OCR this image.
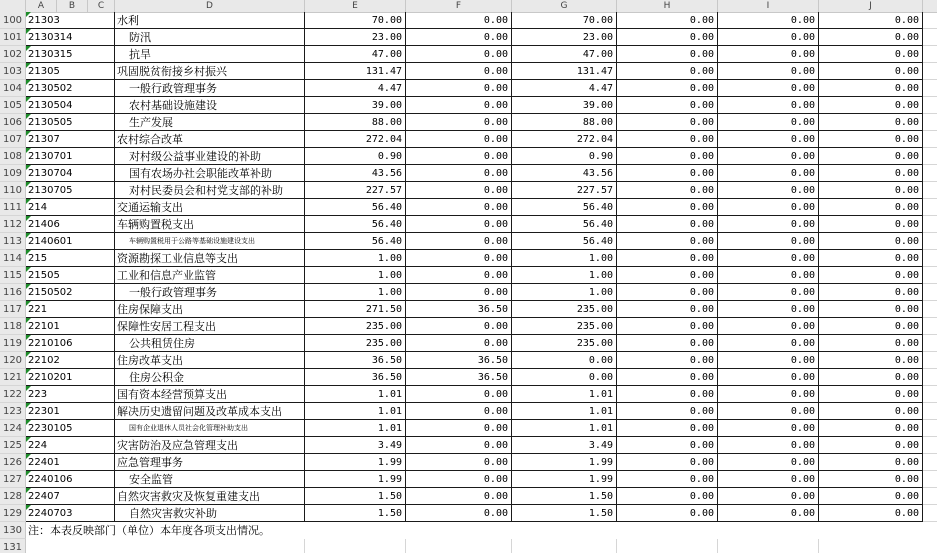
A	B	C	D	E	F	G	H	I	J
100 21303	水利	70.00	0.00	70.00	0.00	0.00	0.00
101 2130314	防汛	23.00	0.00	23.00	0.00	0.00	0.00
102 2130315	抗旱	47.00	0.00	47.00	0.00	0.00	0.00
103 21305	巩固脱贫衔接乡村振兴	131.47	0.00	131.47	0.00	0.00	0.00
104 2130502	一般行政管理事务	4.47	0.00	4.47	0.00	0.00	0.00
105 2130504	农村基础设施建设	39.00	0.00	39.00	0.00	0.00	0.00
106 2130505	生产发展	88.00	0.00	88.00	0.00	0.00	0.00
107 21307	农村综合改革	272.04	0.00	272.04	0.00	0.00	0.00
108 2130701	对村级公益事业建设的补助	0.90	0.00	0.90	0.00	0.00	0.00
109 2130704	国有农场办社会职能改革补助	43.56	0.00	43.56	0.00	0.00	0.00
110 2130705	对村民委员会和村党支部的补助	227.57	0.00	227.57	0.00	0.00	0.00
111 214	交通运输支出	56.40	0.00	56.40	0.00	0.00	0.00
112 21406	车辆购置税支出	56.40	0.00	56.40	0.00	0.00	0.00
113 2140601	车辆购置税用于公路等基础设施建设支出	56.40	0.00	56.40	0.00	0.00	0.00
114 215	资源勘探工业信息等支出	1.00	0.00	1.00	0.00	0.00	0.00
115 21505	工业和信息产业监管	1.00	0.00	1.00	0.00	0.00	0.00
116 2150502	一般行政管理事务	1.00	0.00	1.00	0.00	0.00	0.00
117 221	住房保障支出	271.50	36.50	235.00	0.00	0.00	0.00
118 22101	保障性安居工程支出	235.00	0.00	235.00	0.00	0.00	0.00
119 2210106	公共租赁住房	235.00	0.00	235.00	0.00	0.00	0.00
120 22102	住房改革支出	36.50	36.50	0.00	0.00	0.00	0.00
121 2210201	住房公积金	36.50	36.50	0.00	0.00	0.00	0.00
122 223	国有资本经营预算支出	1.01	0.00	1.01	0.00	0.00	0.00
123 22301	解决历史遗留问题及改革成本支出	1.01	0.00	1.01	0.00	0.00	0.00
124 2230105	国有企业退休人员社会化管理补助支出	1.01	0.00	1.01	0.00	0.00	0.00
125 224	灾害防治及应急管理支出	3.49	0.00	3.49	0.00	0.00	0.00
126 22401	应急管理事务	1.99	0.00	1.99	0.00	0.00	0.00
127 2240106	安全监管	1.99	0.00	1.99	0.00	0.00	0.00
128 22407	自然灾害救灾及恢复重建支出	1.50	0.00	1.50	0.00	0.00	0.00
129 2240703	自然灾害救灾补助	1.50	0.00	1.50	0.00	0.00	0.00
130 注：本表反映部门（单位）本年度各项支出情况。
131
